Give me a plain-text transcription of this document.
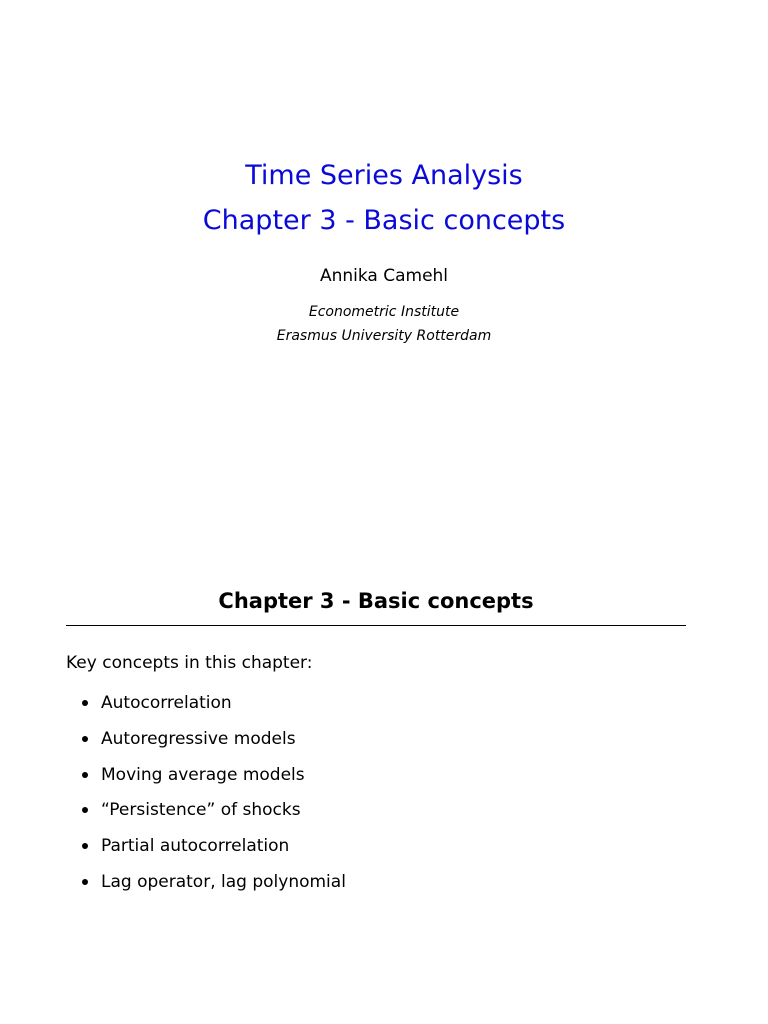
Time Series Analysis
Chapter 3 - Basic concepts
Annika Camehl
Econometric Institute
Erasmus University Rotterdam
Chapter 3 - Basic concepts
Key concepts in this chapter:
Autocorrelation
Autoregressive models
Moving average models
“Persistence” of shocks
Partial autocorrelation
Lag operator, lag polynomial
